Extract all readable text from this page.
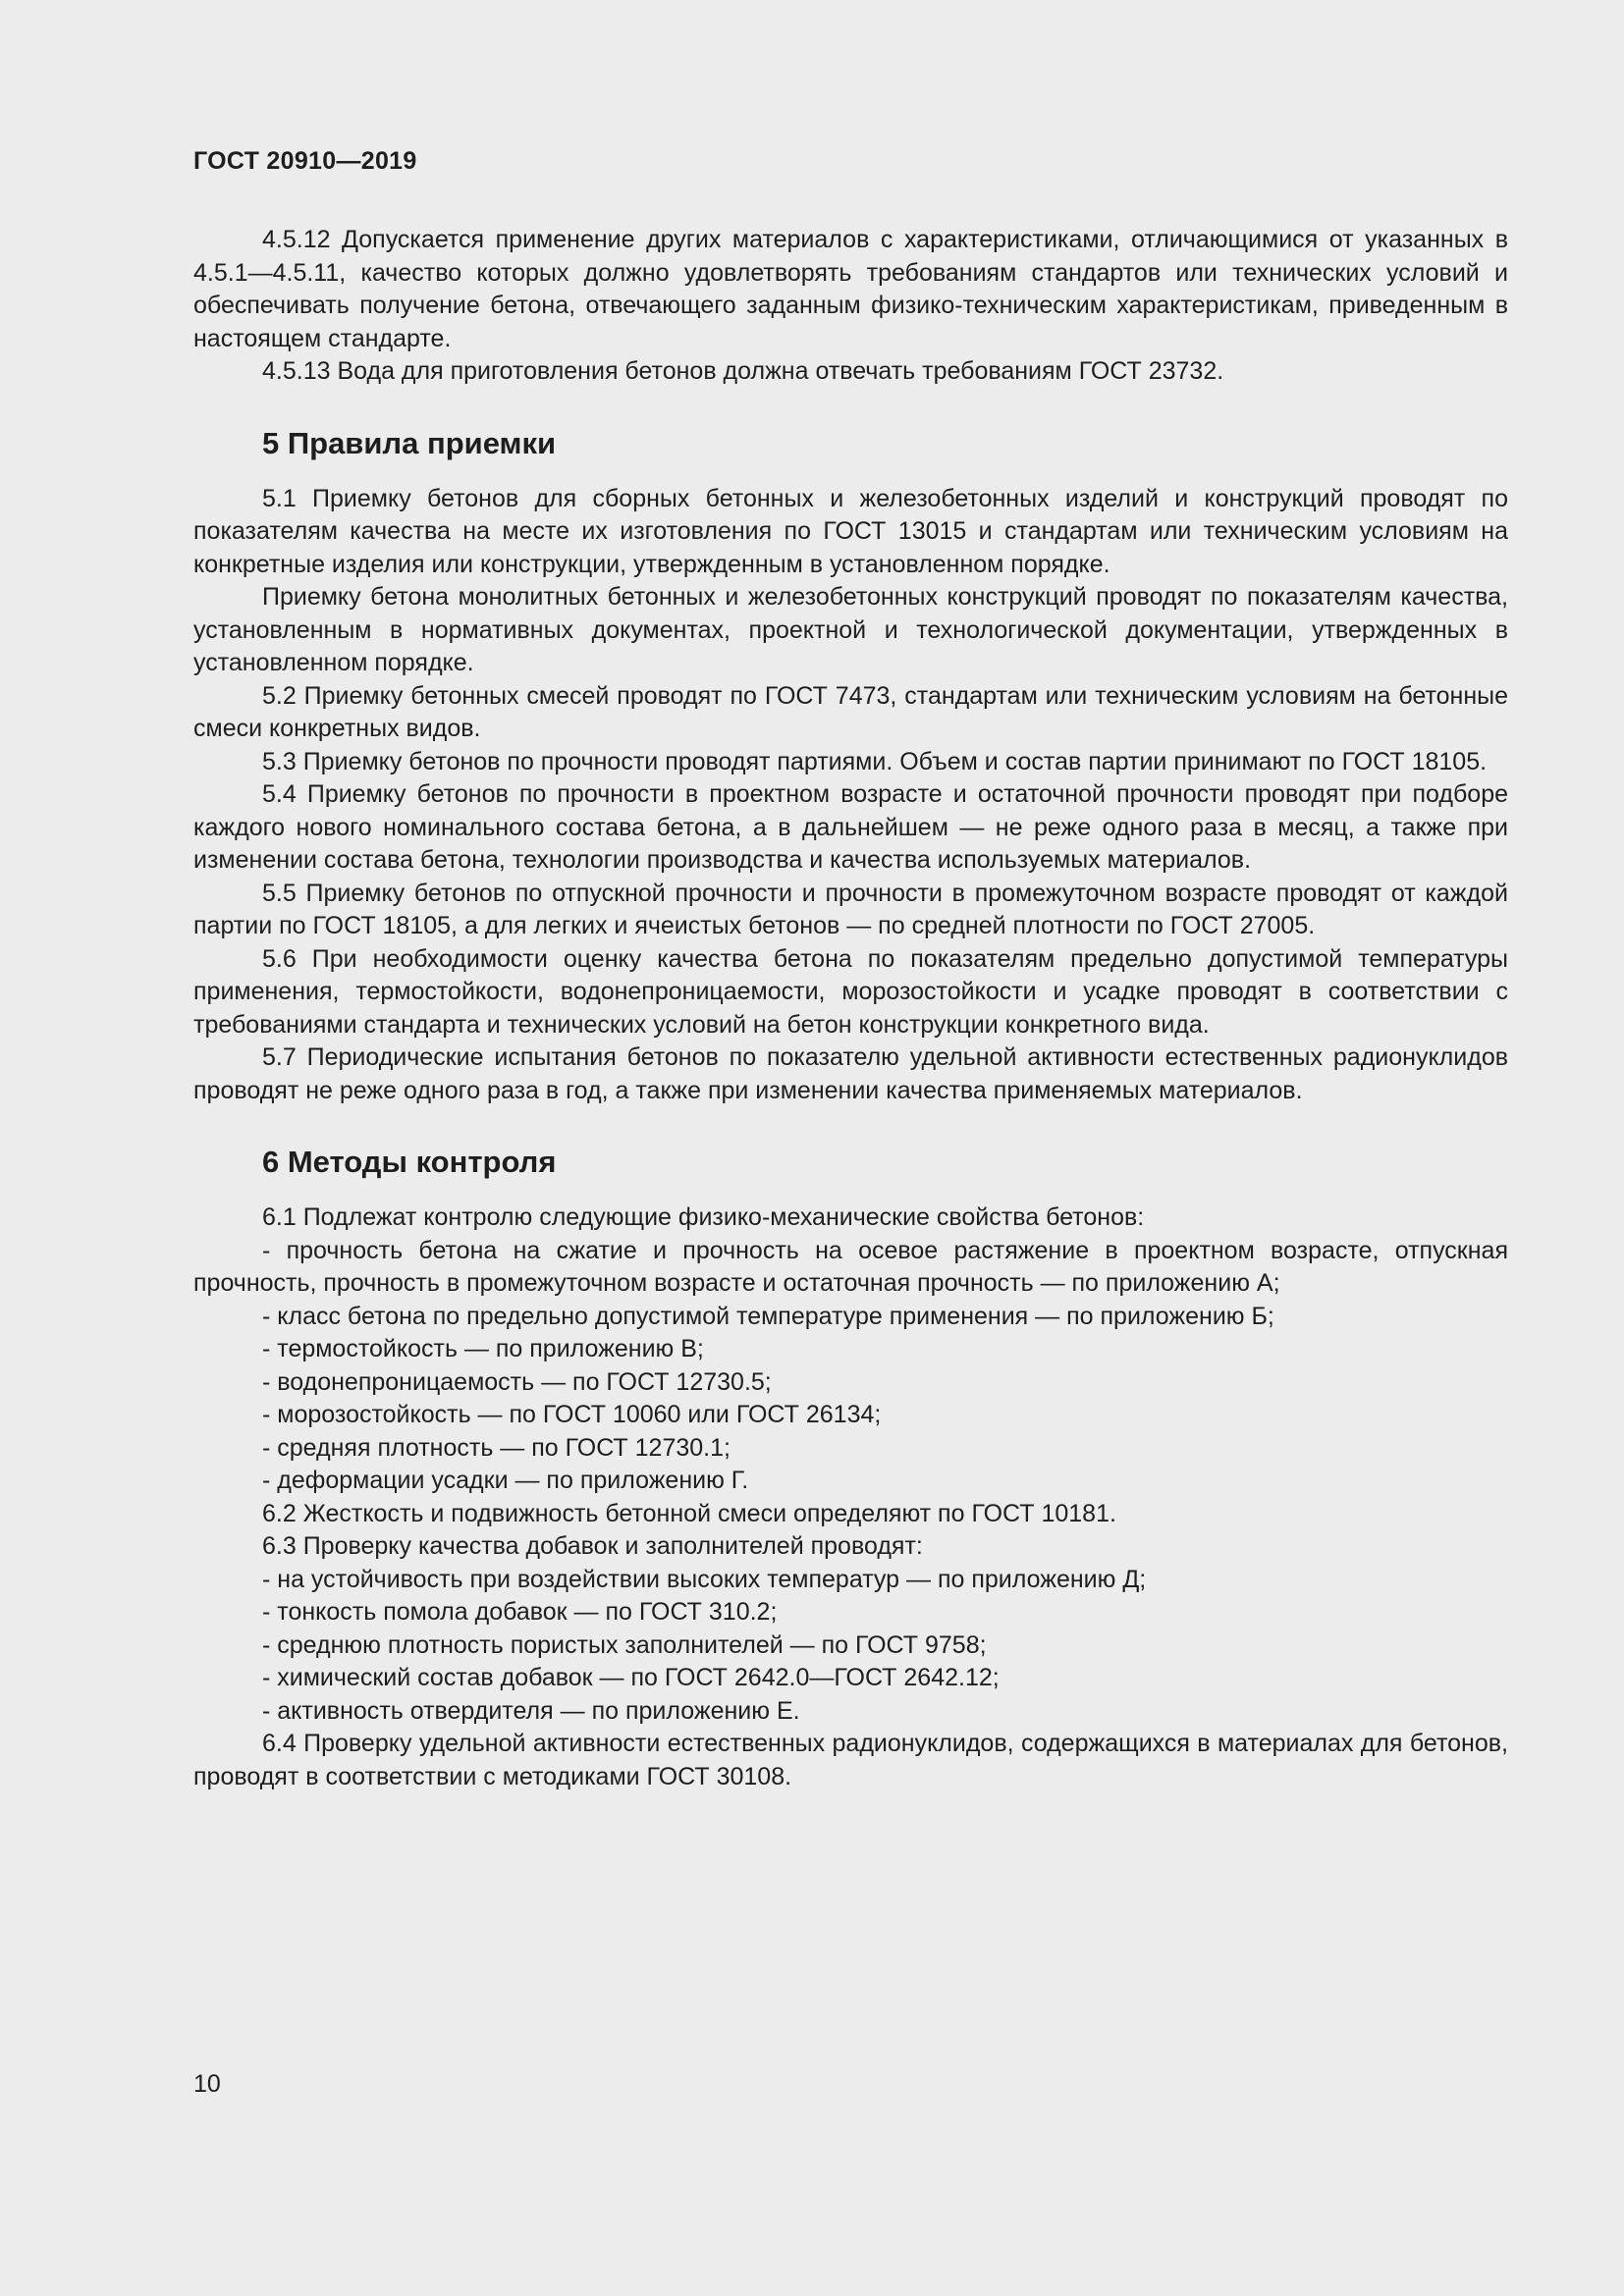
ГОСТ 20910—2019

4.5.12 Допускается применение других материалов с характеристиками, отличающимися от указанных в 4.5.1—4.5.11, качество которых должно удовлетворять требованиям стандартов или технических условий и обеспечивать получение бетона, отвечающего заданным физико-техническим характеристикам, приведенным в настоящем стандарте.

4.5.13 Вода для приготовления бетонов должна отвечать требованиям ГОСТ 23732.

5 Правила приемки

5.1 Приемку бетонов для сборных бетонных и железобетонных изделий и конструкций проводят по показателям качества на месте их изготовления по ГОСТ 13015 и стандартам или техническим условиям на конкретные изделия или конструкции, утвержденным в установленном порядке.

Приемку бетона монолитных бетонных и железобетонных конструкций проводят по показателям качества, установленным в нормативных документах, проектной и технологической документации, утвержденных в установленном порядке.

5.2 Приемку бетонных смесей проводят по ГОСТ 7473, стандартам или техническим условиям на бетонные смеси конкретных видов.

5.3 Приемку бетонов по прочности проводят партиями. Объем и состав партии принимают по ГОСТ 18105.

5.4 Приемку бетонов по прочности в проектном возрасте и остаточной прочности проводят при подборе каждого нового номинального состава бетона, а в дальнейшем — не реже одного раза в месяц, а также при изменении состава бетона, технологии производства и качества используемых материалов.

5.5 Приемку бетонов по отпускной прочности и прочности в промежуточном возрасте проводят от каждой партии по ГОСТ 18105, а для легких и ячеистых бетонов — по средней плотности по ГОСТ 27005.

5.6 При необходимости оценку качества бетона по показателям предельно допустимой температуры применения, термостойкости, водонепроницаемости, морозостойкости и усадке проводят в соответствии с требованиями стандарта и технических условий на бетон конструкции конкретного вида.

5.7 Периодические испытания бетонов по показателю удельной активности естественных радионуклидов проводят не реже одного раза в год, а также при изменении качества применяемых материалов.

6 Методы контроля

6.1 Подлежат контролю следующие физико-механические свойства бетонов:

- прочность бетона на сжатие и прочность на осевое растяжение в проектном возрасте, отпускная прочность, прочность в промежуточном возрасте и остаточная прочность — по приложению А;

- класс бетона по предельно допустимой температуре применения — по приложению Б;

- термостойкость — по приложению В;

- водонепроницаемость — по ГОСТ 12730.5;

- морозостойкость — по ГОСТ 10060 или ГОСТ 26134;

- средняя плотность — по ГОСТ 12730.1;

- деформации усадки — по приложению Г.

6.2 Жесткость и подвижность бетонной смеси определяют по ГОСТ 10181.

6.3 Проверку качества добавок и заполнителей проводят:

- на устойчивость при воздействии высоких температур — по приложению Д;

- тонкость помола добавок — по ГОСТ 310.2;

- среднюю плотность пористых заполнителей — по ГОСТ 9758;

- химический состав добавок — по ГОСТ 2642.0—ГОСТ 2642.12;

- активность отвердителя — по приложению Е.

6.4 Проверку удельной активности естественных радионуклидов, содержащихся в материалах для бетонов, проводят в соответствии с методиками ГОСТ 30108.

10
